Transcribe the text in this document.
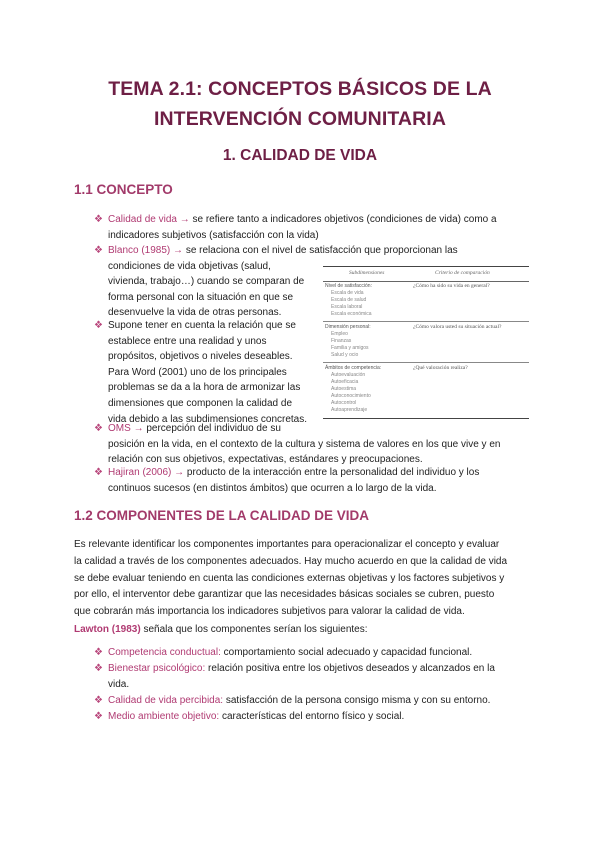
TEMA 2.1: CONCEPTOS BÁSICOS DE LA
INTERVENCIÓN COMUNITARIA
1. CALIDAD DE VIDA
1.1 CONCEPTO
❖ Calidad de vida → se refiere tanto a indicadores objetivos (condiciones de vida) como a
indicadores subjetivos (satisfacción con la vida)
❖ Blanco (1985) → se relaciona con el nivel de satisfacción que proporcionan las
condiciones de vida objetivas (salud,
vivienda, trabajo…) cuando se comparan de
forma personal con la situación en que se
desenvuelve la vida de otras personas.
❖ Supone tener en cuenta la relación que se
establece entre una realidad y unos
propósitos, objetivos o niveles deseables.
Para Word (2001) uno de los principales
problemas se da a la hora de armonizar las
dimensiones que componen la calidad de
vida debido a las subdimensiones concretas.
❖ OMS → percepción del individuo de su
posición en la vida, en el contexto de la cultura y sistema de valores en los que vive y en
relación con sus objetivos, expectativas, estándares y preocupaciones.
❖ Hajiran (2006) → producto de la interacción entre la personalidad del individuo y los
continuos sucesos (en distintos ámbitos) que ocurren a lo largo de la vida.
Subdimensiones	Criterio de comparación
Nivel de satisfacción:
Escala de vida
Escala de salud
Escala laboral
Escala económica
¿Cómo ha sido su vida en general?
Dimensión personal:
Empleo
Finanzas
Familia y amigos
Salud y ocio
¿Cómo valora usted su situación actual?
Ámbitos de competencia:
Autoevaluación
Autoeficacia
Autoestima
Autoconocimiento
Autocontrol
Autoaprendizaje
¿Qué valoración realiza?
1.2 COMPONENTES DE LA CALIDAD DE VIDA
Es relevante identificar los componentes importantes para operacionalizar el concepto y evaluar
la calidad a través de los componentes adecuados. Hay mucho acuerdo en que la calidad de vida
se debe evaluar teniendo en cuenta las condiciones externas objetivas y los factores subjetivos y
por ello, el interventor debe garantizar que las necesidades básicas sociales se cubren, puesto
que cobrarán más importancia los indicadores subjetivos para valorar la calidad de vida.
Lawton (1983) señala que los componentes serían los siguientes:
❖ Competencia conductual: comportamiento social adecuado y capacidad funcional.
❖ Bienestar psicológico: relación positiva entre los objetivos deseados y alcanzados en la
vida.
❖ Calidad de vida percibida: satisfacción de la persona consigo misma y con su entorno.
❖ Medio ambiente objetivo: características del entorno físico y social.
